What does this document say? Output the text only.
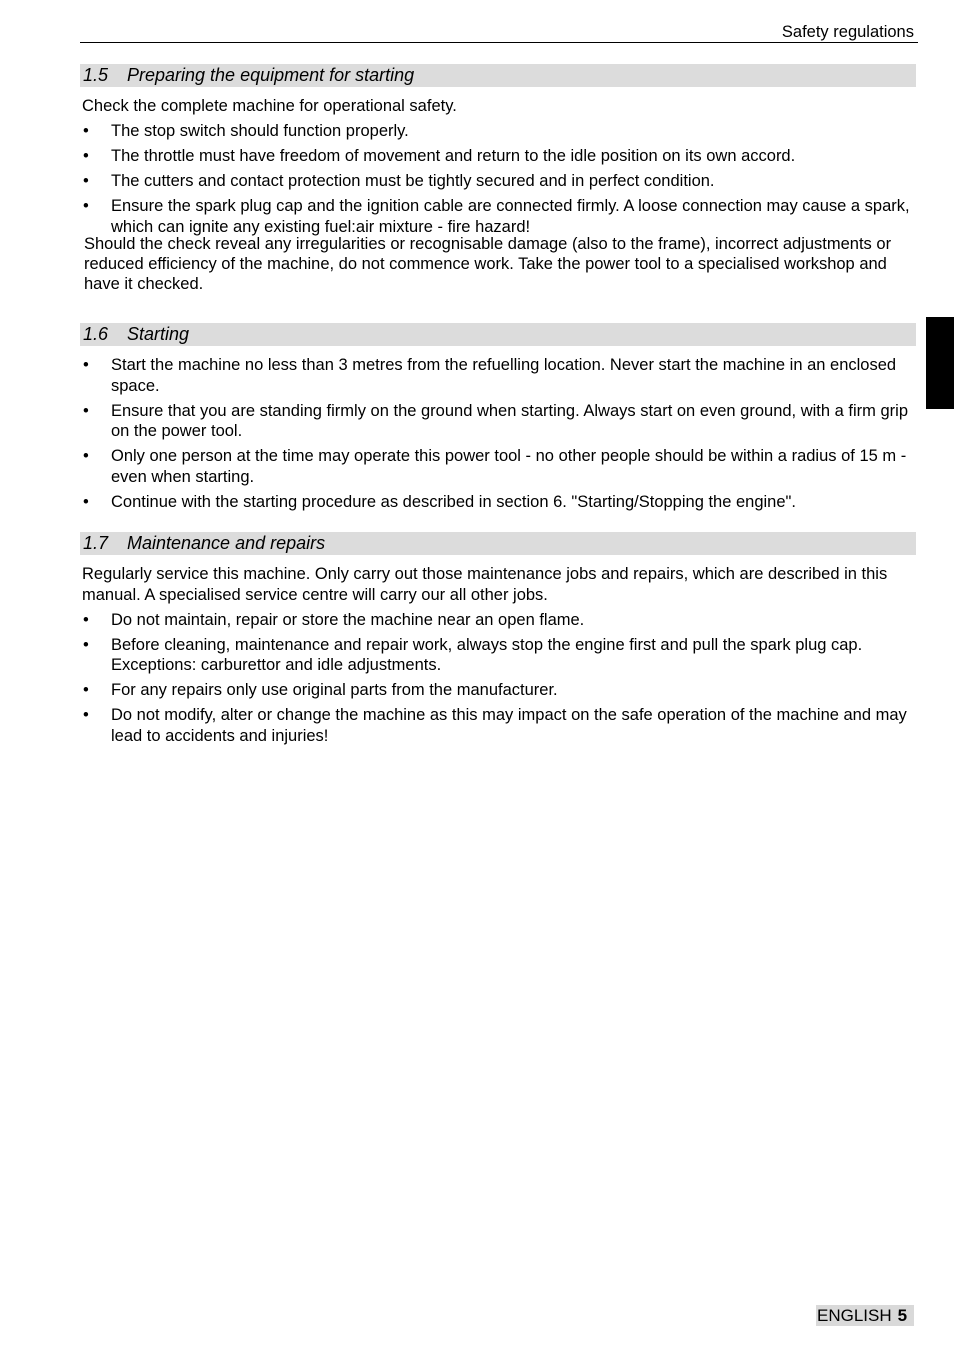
Safety regulations
1.5 Preparing the equipment for starting

Check the complete machine for operational safety.

• The stop switch should function properly.
• The throttle must have freedom of movement and return to the idle position on its own accord.
• The cutters and contact protection must be tightly secured and in perfect condition.
• Ensure the spark plug cap and the ignition cable are connected firmly. A loose connection may cause a spark, which can ignite any existing fuel:air mixture - fire hazard!

Should the check reveal any irregularities or recognisable damage (also to the frame), incorrect adjustments or reduced efficiency of the machine, do not commence work. Take the power tool to a specialised workshop and have it checked.

1.6 Starting
• Start the machine no less than 3 metres from the refuelling location. Never start the machine in an enclosed space.
• Ensure that you are standing firmly on the ground when starting. Always start on even ground, with a firm grip on the power tool.
• Only one person at the time may operate this power tool - no other people should be within a radius of 15 m - even when starting.
• Continue with the starting procedure as described in section 6. "Starting/Stopping the engine".
1.7 Maintenance and repairs

Regularly service this machine. Only carry out those maintenance jobs and repairs, which are described in this manual. A specialised service centre will carry our all other jobs.

• Do not maintain, repair or store the machine near an open flame.
• Before cleaning, maintenance and repair work, always stop the engine first and pull the spark plug cap. Exceptions: carburettor and idle adjustments.
• For any repairs only use original parts from the manufacturer.
• Do not modify, alter or change the machine as this may impact on the safe operation of the machine and may lead to accidents and injuries!
ENGLISH 5
